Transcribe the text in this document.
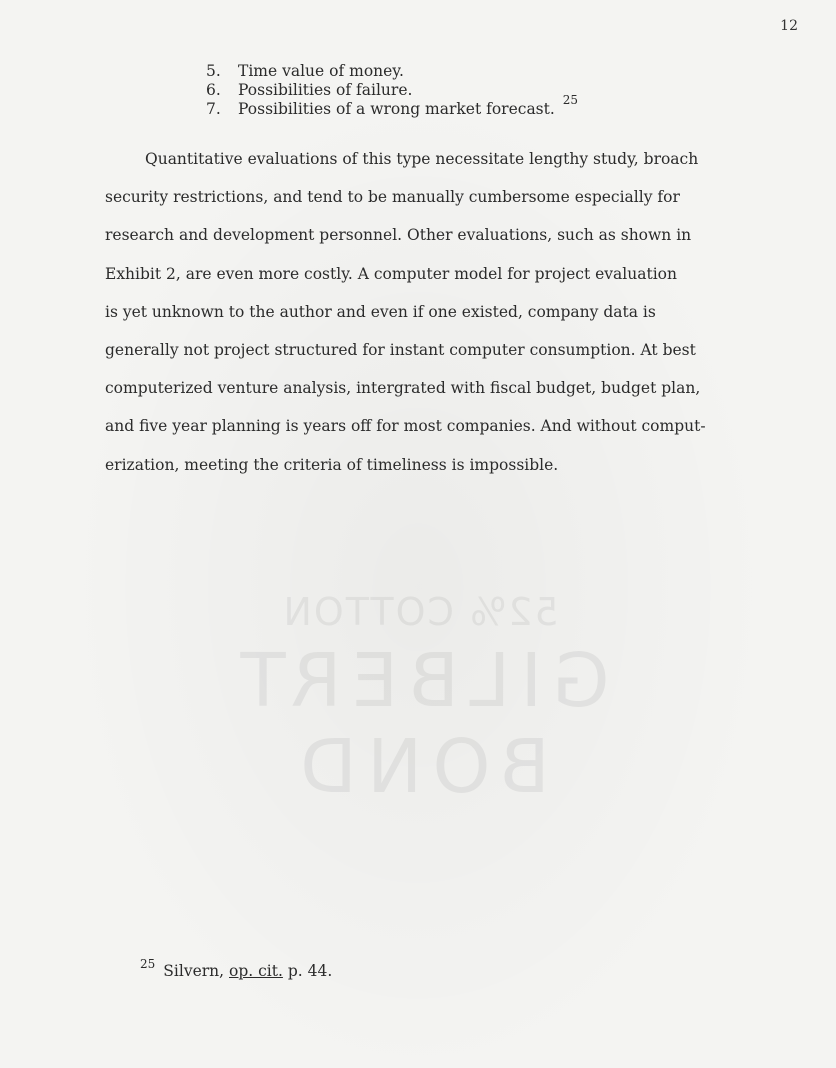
52% COTTON
GILBERT BOND
12
5. Time value of money.
6. Possibilities of failure.
7. Possibilities of a wrong market forecast. $^{25}$
Quantitative evaluations of this type necessitate lengthy study, broach
security restrictions, and tend to be manually cumbersome especially for
research and development personnel. Other evaluations, such as shown in
Exhibit 2, are even more costly. A computer model for project evaluation
is yet unknown to the author and even if one existed, company data is
generally not project structured for instant computer consumption. At best
computerized venture analysis, intergrated with fiscal budget, budget plan,
and five year planning is years off for most companies. And without comput-
erization, meeting the criteria of timeliness is impossible.
$^{25}$ Silvern, op. cit. p. 44.
